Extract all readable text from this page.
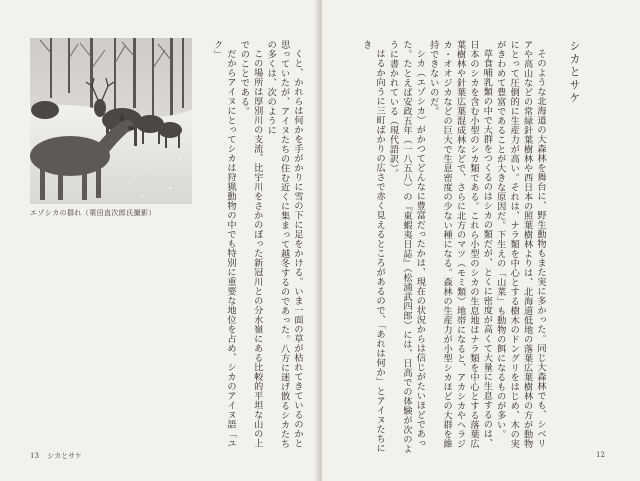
エゾシカの群れ（栗田直次郎氏撮影）	くと、かれらは何かを手がかりに雪の下に足をかける。いま一面の草が枯れてきているのかと思っていたが、アイヌたちの住む近くに集まって越冬するのであった。八方に迷げ散るシカたちの多くは、次のように

この場所は厚別川の支流、比宇川をさかのぼった新冠川との分水嶺にある比較的平坦な山の上でのことである。

だからアイヌにとってシカは狩猟動物の中でも特別に重要な地位を占め、シカのアイヌ語「ユク」

13 シカとサケ
シカとサケ

そのような北海道の大森林を舞台に、野生動物もまた実に多かった。同じ大森林でも、シベリアや高山などの常緑針葉樹林や西日本の照葉樹林よりは、北海道低地の落葉広葉樹林の方が動物にとって圧倒的に生産力が高い。それは、ナラ類を中心とする樹木のドングリをはじめ、木の実がきわめて豊富であることが大きな原因だ。下生えの「山菜」も動物の餌になるものが多い。

草食哺乳類の中で大群をつくるのはシカの類だが、とくに密度が高くて大量に生息するのは、日本のシカを含む小型のシカ類である。これら小型のシカの生息地はナラ類を中心とする落葉広葉樹林や針葉広葉混成林などで、さらに北方のマツ（モミ類）地帯になると、アカシカやヘラジカ・オオジカなどの巨大で生息密度の少ない種になる。森林の生産力が小型シカほどの大群を維持できないのだ。

シカ（エゾシカ）がかつてどんなに豊富だったかは、現在の状況からは信じがたいほどであった。たとえば安政五年（一八五八）の『東蝦夷日誌』（松浦武四郎）には、日高での体験が次のように書かれている（現代語訳）。

はるか向うに三町ばかりの広さで赤く見えるところがあるので、「あれは何か」とアイヌたちにき

12
